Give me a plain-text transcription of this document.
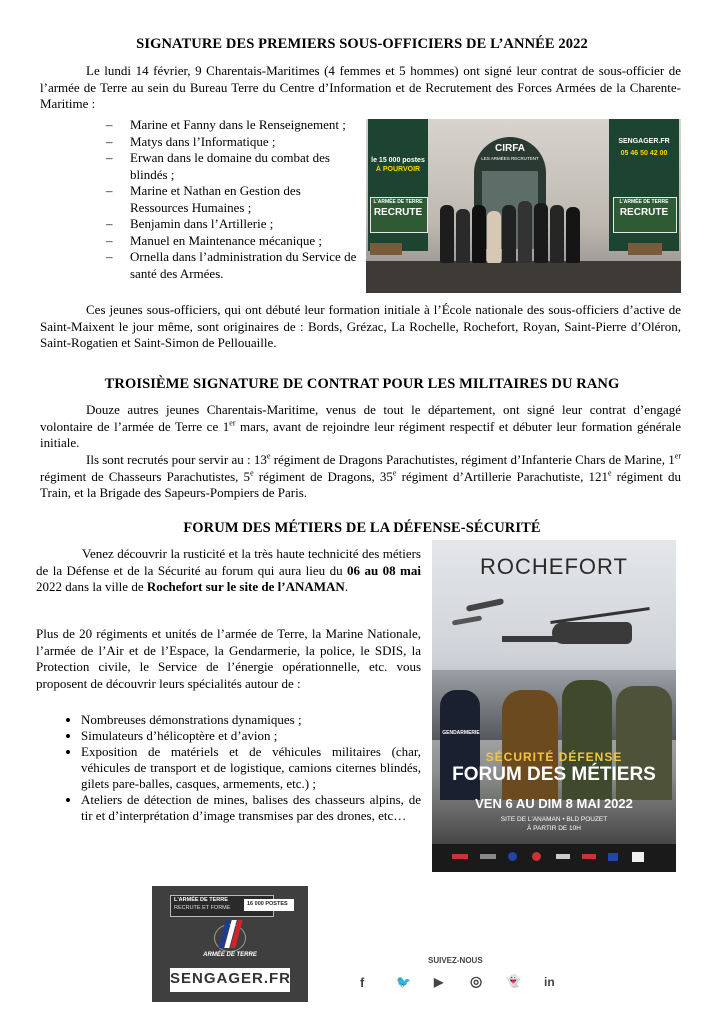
SIGNATURE DES PREMIERS SOUS-OFFICIERS DE L’ANNÉE 2022

Le lundi 14 février, 9 Charentais-Maritimes (4 femmes et 5 hommes) ont signé leur contrat de sous-officier de l’armée de Terre au sein du Bureau Terre du Centre d’Information et de Recrutement des Forces Armées de la Charente-Maritime :

– Marine et Fanny dans le Renseignement ;
– Matys dans l’Informatique ;
– Erwan dans le domaine du combat des blindés ;
– Marine et Nathan en Gestion des Ressources Humaines ;
– Benjamin dans l’Artillerie ;
– Manuel en Maintenance mécanique ;
– Ornella dans l’administration du Service de santé des Armées.
le 15 000 postes
À POURVOIR
L'ARMÉE DE TERRE
RECRUTE
CIRFA
LES ARMÉES RECRUTENT
SENGAGER.FR
05 46 50 42 00
L'ARMÉE DE TERRE
RECRUTE

Ces jeunes sous-officiers, qui ont débuté leur formation initiale à l’École nationale des sous-officiers d’active de Saint-Maixent le jour même, sont originaires de : Bords, Grézac, La Rochelle, Rochefort, Royan, Saint-Pierre d’Oléron, Saint-Rogatien et Saint-Simon de Pellouaille.

TROISIÈME SIGNATURE DE CONTRAT POUR LES MILITAIRES DU RANG

Douze autres jeunes Charentais-Maritime, venus de tout le département, ont signé leur contrat d’engagé volontaire de l’armée de Terre ce 1er mars, avant de rejoindre leur régiment respectif et débuter leur formation générale initiale.

Ils sont recrutés pour servir au : 13e régiment de Dragons Parachutistes, régiment d’Infanterie Chars de Marine, 1er régiment de Chasseurs Parachutistes, 5e régiment de Dragons, 35e régiment d’Artillerie Parachutiste, 121e régiment du Train, et la Brigade des Sapeurs-Pompiers de Paris.

FORUM DES MÉTIERS DE LA DÉFENSE-SÉCURITÉ

Venez découvrir la rusticité et la très haute technicité des métiers de la Défense et de la Sécurité au forum qui aura lieu du 06 au 08 mai 2022 dans la ville de Rochefort sur le site de l’ANAMAN.

Plus de 20 régiments et unités de l’armée de Terre, la Marine Nationale, l’armée de l’Air et de l’Espace, la Gendarmerie, la police, le SDIS, la Protection civile, le Service de l’énergie opérationnelle, etc. vous proposent de découvrir leurs spécialités autour de :

• Nombreuses démonstrations dynamiques ;
• Simulateurs d’hélicoptère et d’avion ;
• Exposition de matériels et de véhicules militaires (char, véhicules de transport et de logistique, camions citernes blindés, gilets pare-balles, casques, armements, etc.) ;
• Ateliers de détection de mines, balises des chasseurs alpins, de tir et d’interprétation d’image transmises par des drones, etc…
ROCHEFORT
GENDARMERIE
SÉCURITÉ DÉFENSE
FORUM DES MÉTIERS
VEN 6 AU DIM 8 MAI 2022
SITE DE L'ANAMAN • BLD POUZET
À PARTIR DE 10H
L'ARMÉE DE TERRE
RECRUTE ET FORME
16 000 POSTES
ARMÉE DE TERRE
SENGAGER.FR
SUIVEZ-NOUS
f	🐦 ▶ ◎ 👻 in
